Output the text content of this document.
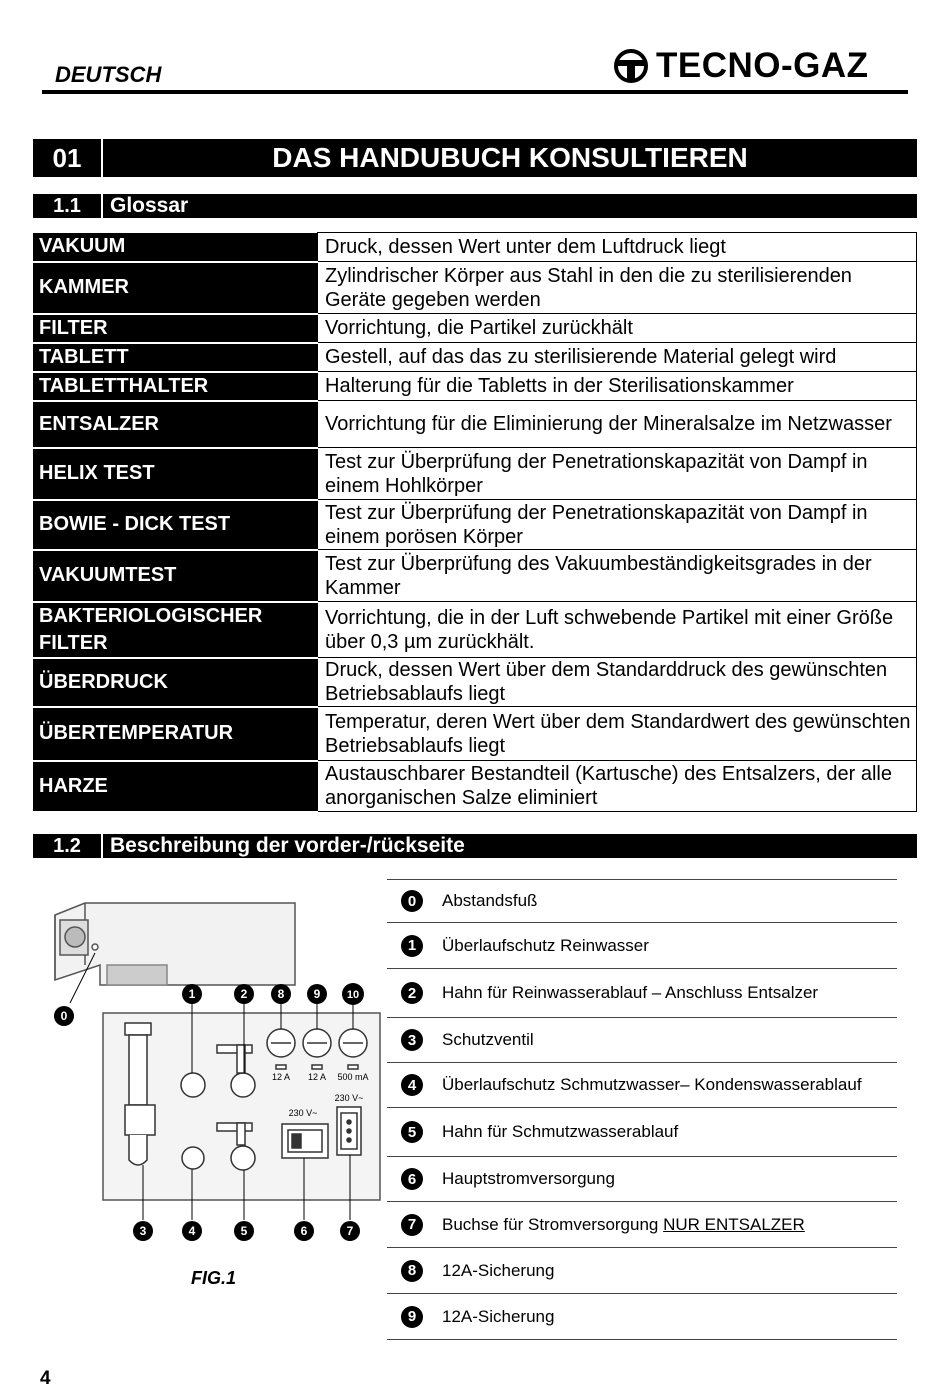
DEUTSCH	TECNO-GAZ
01	DAS HANDUBUCH KONSULTIEREN
1.1	Glossar
VAKUUM	Druck, dessen Wert unter dem Luftdruck liegt
KAMMER	Zylindrischer Körper aus Stahl in den die zu sterilisierenden Geräte gegeben werden
FILTER	Vorrichtung, die Partikel zurückhält
TABLETT	Gestell, auf das das zu sterilisierende Material gelegt wird
TABLETTHALTER	Halterung für die Tabletts in der Sterilisationskammer
ENTSALZER	Vorrichtung für die Eliminierung der Mineralsalze im Netzwasser
HELIX TEST	Test zur Überprüfung der Penetrationskapazität von Dampf in einem Hohlkörper
BOWIE - DICK TEST	Test zur Überprüfung der Penetrationskapazität von Dampf in einem porösen Körper
VAKUUMTEST	Test zur Überprüfung des Vakuumbeständigkeitsgrades in der Kammer
BAKTERIOLOGISCHER FILTER	Vorrichtung, die in der Luft schwebende Partikel mit einer Größe über 0,3 µm zurückhält.
ÜBERDRUCK	Druck, dessen Wert über dem Standarddruck des gewünschten Betriebsablaufs liegt
ÜBERTEMPERATUR	Temperatur, deren Wert über dem Standardwert des gewünschten Betriebsablaufs liegt
HARZE	Austauschbarer Bestandteil (Kartusche) des Entsalzers, der alle anorganischen Salze eliminiert
1.2	Beschreibung der vorder-/rückseite
12 A 12 A 500 mA
230 V~
230 V~
0
1	2	8 9 10
3	4	5	6	7
FIG.1
0	Abstandsfuß
1	Überlaufschutz Reinwasser
2	Hahn für Reinwasserablauf – Anschluss Entsalzer
3	Schutzventil
4	Überlaufschutz Schmutzwasser– Kondenswasserablauf
5	Hahn für Schmutzwasserablauf
6	Hauptstromversorgung
7	Buchse für Stromversorgung NUR ENTSALZER
8	12A-Sicherung
9	12A-Sicherung
4
